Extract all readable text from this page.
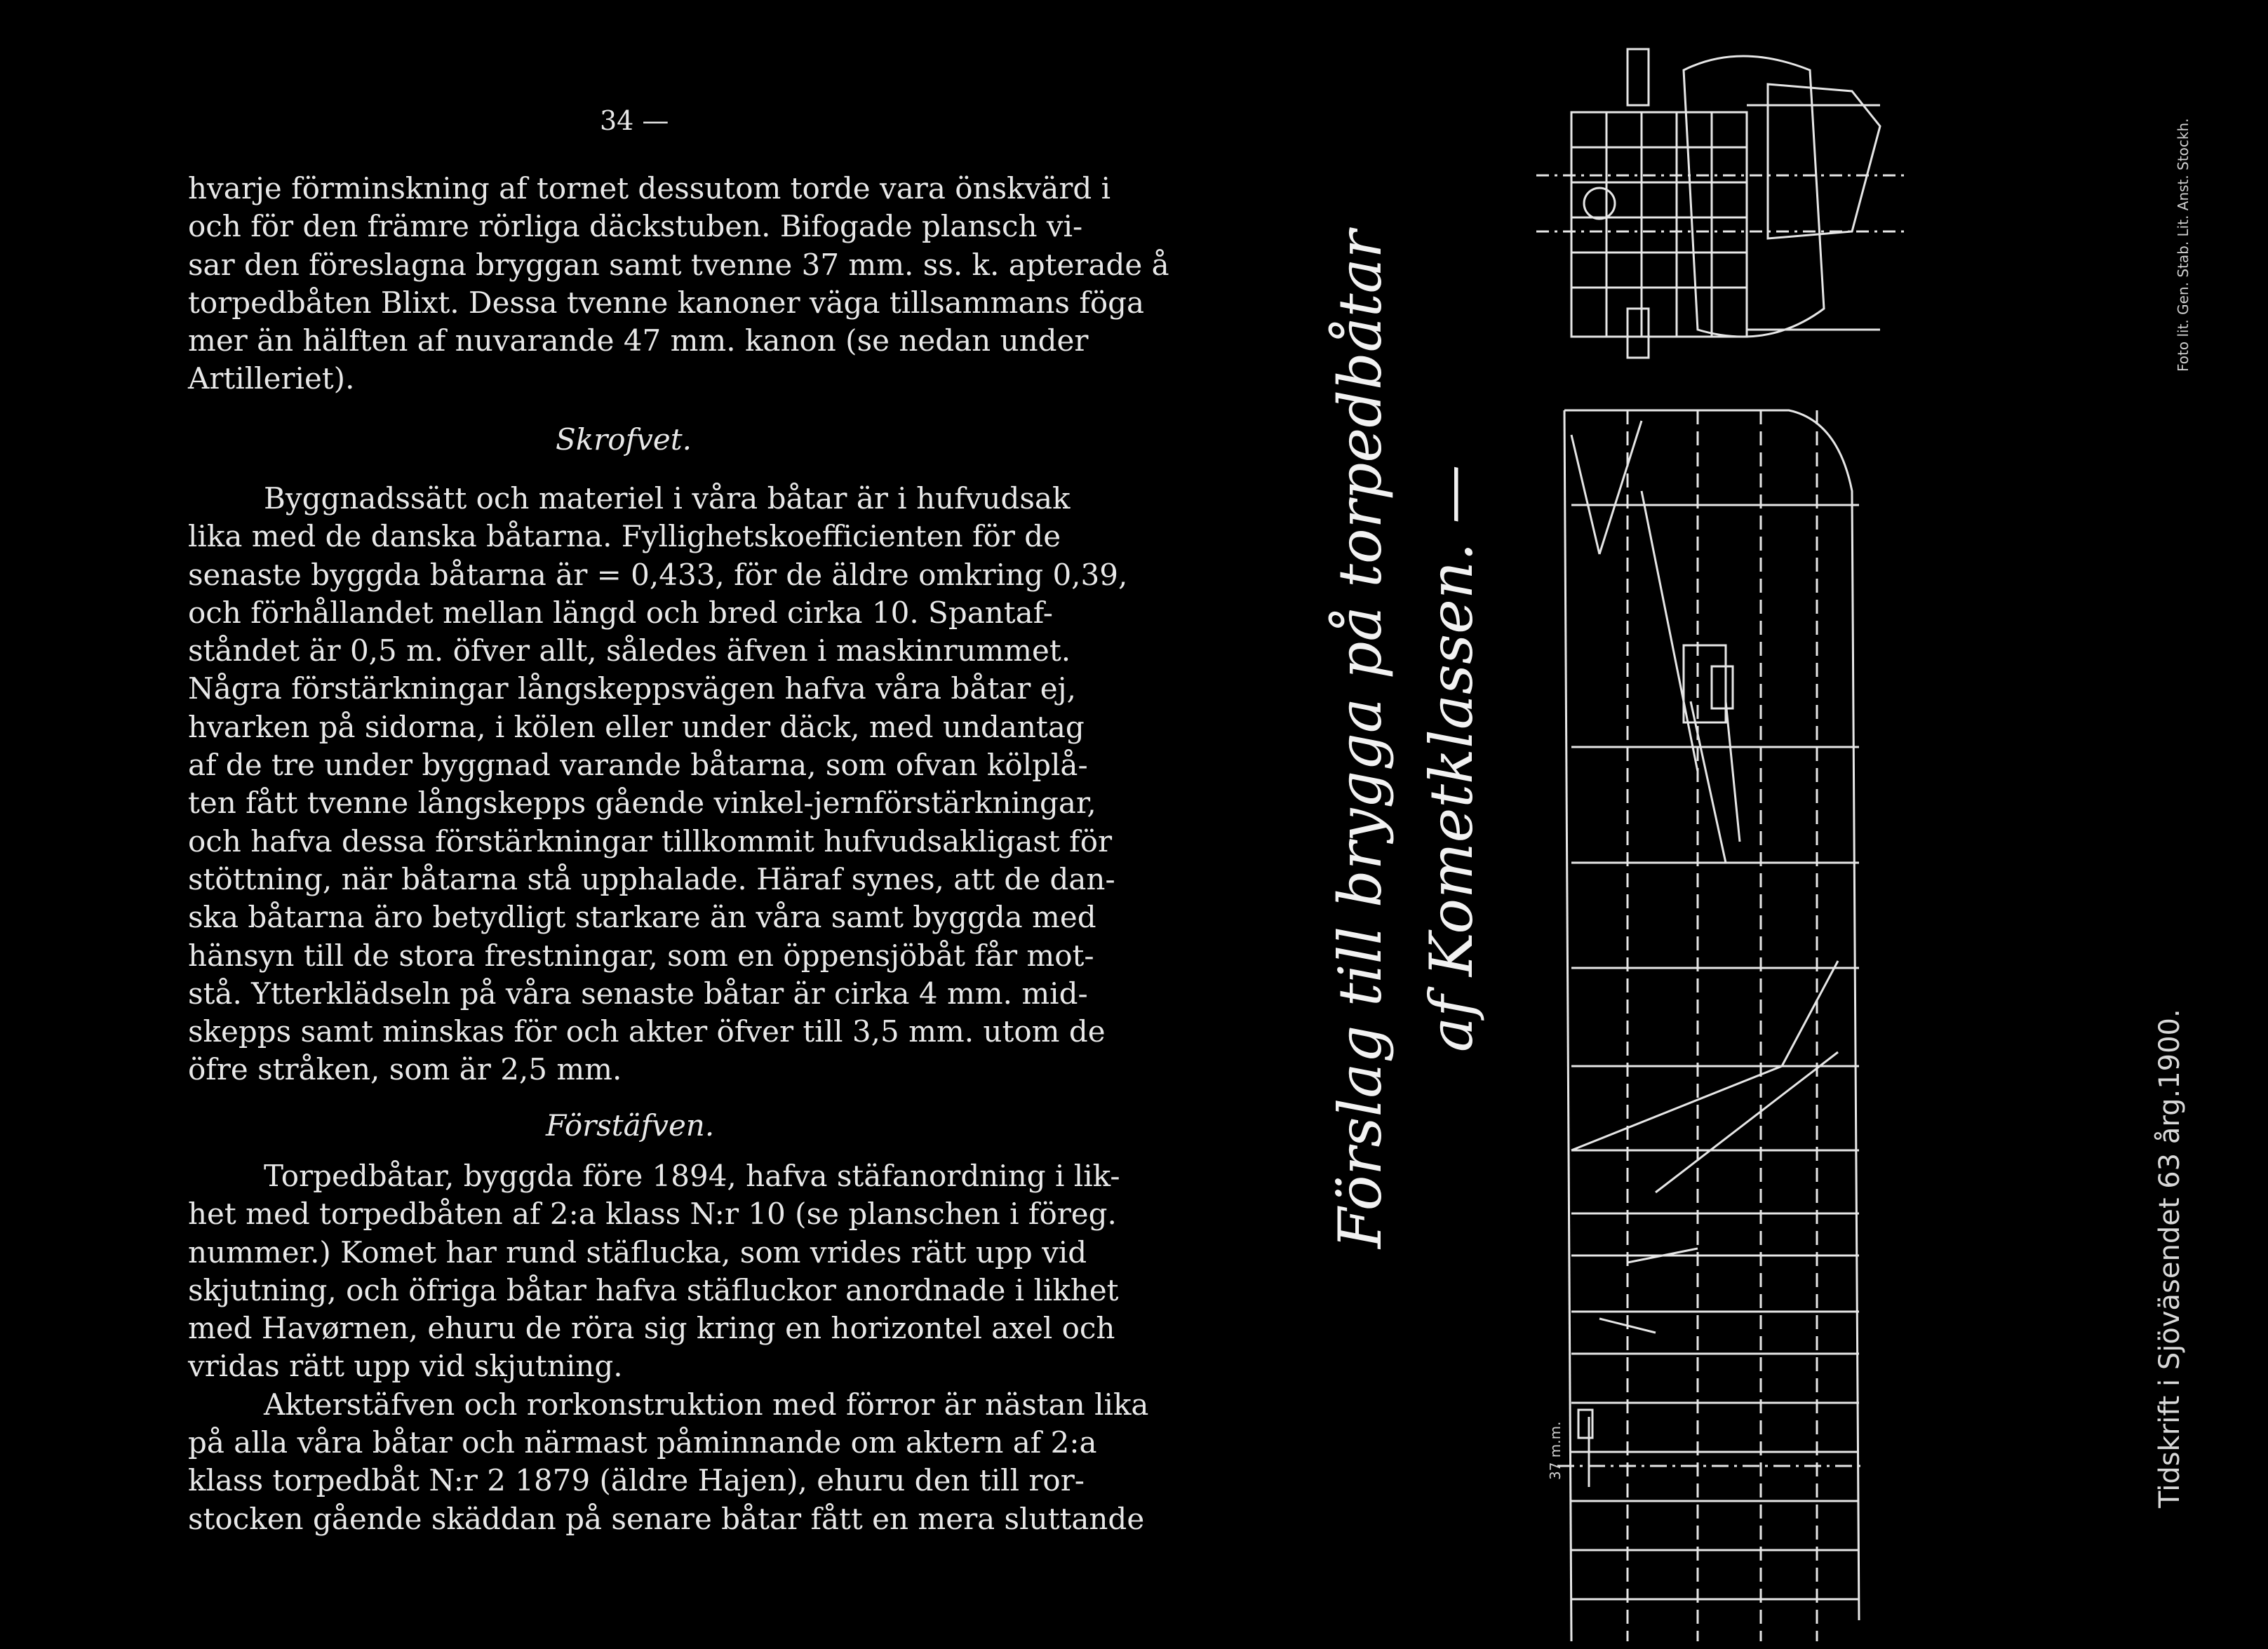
34 —
hvarje förminskning af tornet dessutom torde vara önskvärd i
och för den främre rörliga däckstuben. Bifogade plansch vi-
sar den föreslagna bryggan samt tvenne 37 mm. ss. k. apterade å
torpedbåten Blixt. Dessa tvenne kanoner väga tillsammans föga
mer än hälften af nuvarande 47 mm. kanon (se nedan under
Artilleriet).
Skrofvet.
Byggnadssätt och materiel i våra båtar är i hufvudsak
lika med de danska båtarna. Fyllighetskoefficienten för de
senaste byggda båtarna är = 0,433, för de äldre omkring 0,39,
och förhållandet mellan längd och bred cirka 10. Spantaf-
ståndet är 0,5 m. öfver allt, således äfven i maskinrummet.
Några förstärkningar långskeppsvägen hafva våra båtar ej,
hvarken på sidorna, i kölen eller under däck, med undantag
af de tre under byggnad varande båtarna, som ofvan kölplå-
ten fått tvenne långskepps gående vinkel-jernförstärkningar,
och hafva dessa förstärkningar tillkommit hufvudsakligast för
stöttning, när båtarna stå upphalade. Häraf synes, att de dan-
ska båtarna äro betydligt starkare än våra samt byggda med
hänsyn till de stora frestningar, som en öppensjöbåt får mot-
stå. Ytterklädseln på våra senaste båtar är cirka 4 mm. mid-
skepps samt minskas för och akter öfver till 3,5 mm. utom de
öfre stråken, som är 2,5 mm.
Förstäfven.
Torpedbåtar, byggda före 1894, hafva stäfanordning i lik-
het med torpedbåten af 2:a klass N:r 10 (se planschen i föreg.
nummer.) Komet har rund stäflucka, som vrides rätt upp vid
skjutning, och öfriga båtar hafva stäfluckor anordnade i likhet
med Havørnen, ehuru de röra sig kring en horizontel axel och
vridas rätt upp vid skjutning.
Akterstäfven och rorkonstruktion med förror är nästan lika
på alla våra båtar och närmast påminnande om aktern af 2:a
klass torpedbåt N:r 2 1879 (äldre Hajen), ehuru den till ror-
stocken gående skäddan på senare båtar fått en mera sluttande
Förslag till brygga på torpedbåtar af Kometklassen. —
37 m.m.
Foto lit. Gen. Stab. Lit. Anst. Stockh.
Tidskrift i Sjöväsendet 63 årg.1900.
